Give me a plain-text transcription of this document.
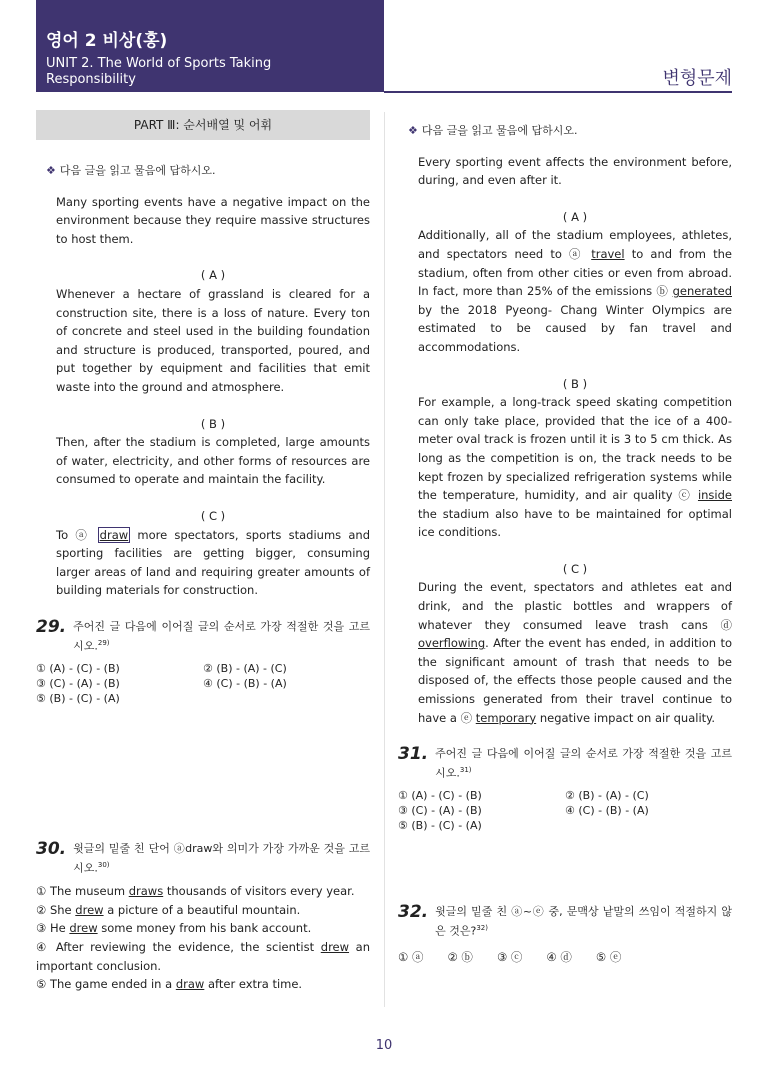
영어 2 비상(홍)
UNIT 2. The World of Sports Taking
Responsibility	변형문제
PART Ⅲ: 순서배열 및 어휘
❖ 다음 글을 읽고 물음에 답하시오.

Many sporting events have a negative impact on the environment because they require massive structures to host them.

( A )

Whenever a hectare of grassland is cleared for a construction site, there is a loss of nature. Every ton of concrete and steel used in the building foundation and structure is produced, transported, poured, and put together by equipment and facilities that emit waste into the ground and atmosphere.

( B )

Then, after the stadium is completed, large amounts of water, electricity, and other forms of resources are consumed to operate and maintain the facility.

( C )

To ⓐ draw more spectators, sports stadiums and sporting facilities are getting bigger, consuming larger areas of land and requiring greater amounts of building materials for construction.

29. 주어진 글 다음에 이어질 글의 순서로 가장 적절한 것을 고르시오.$^{29)}$
① (A) - (C) - (B)	② (B) - (A) - (C)
③ (C) - (A) - (B)	④ (C) - (B) - (A)
⑤ (B) - (C) - (A)
30. 윗글의 밑줄 친 단어 ⓐdraw와 의미가 가장 가까운 것을 고르시오.$^{30)}$
① The museum draws thousands of visitors every year.
② She drew a picture of a beautiful mountain.
③ He drew some money from his bank account.
④ After reviewing the evidence, the scientist drew an important conclusion.
⑤ The game ended in a draw after extra time.
❖ 다음 글을 읽고 물음에 답하시오.

Every sporting event affects the environment before, during, and even after it.

( A )

Additionally, all of the stadium employees, athletes, and spectators need to ⓐ travel to and from the stadium, often from other cities or even from abroad. In fact, more than 25% of the emissions ⓑ generated by the 2018 Pyeong- Chang Winter Olympics are estimated to be caused by fan travel and accommodations.

( B )

For example, a long-track speed skating competition can only take place, provided that the ice of a 400-meter oval track is frozen until it is 3 to 5 cm thick. As long as the competition is on, the track needs to be kept frozen by specialized refrigeration systems while the temperature, humidity, and air quality ⓒ inside the stadium also have to be maintained for optimal ice conditions.

( C )

During the event, spectators and athletes eat and drink, and the plastic bottles and wrappers of whatever they consumed leave trash cans ⓓ overflowing. After the event has ended, in addition to the significant amount of trash that needs to be disposed of, the effects those people caused and the emissions generated from their travel continue to have a ⓔ temporary negative impact on air quality.

31. 주어진 글 다음에 이어질 글의 순서로 가장 적절한 것을 고르시오.$^{31)}$
① (A) - (C) - (B)	② (B) - (A) - (C)
③ (C) - (A) - (B)	④ (C) - (B) - (A)
⑤ (B) - (C) - (A)
32. 윗글의 밑줄 친 ⓐ~ⓔ 중, 문맥상 낱말의 쓰임이 적절하지 않은 것은?$^{32)}$
① ⓐ ② ⓑ ③ ⓒ ④ ⓓ ⑤ ⓔ
10
